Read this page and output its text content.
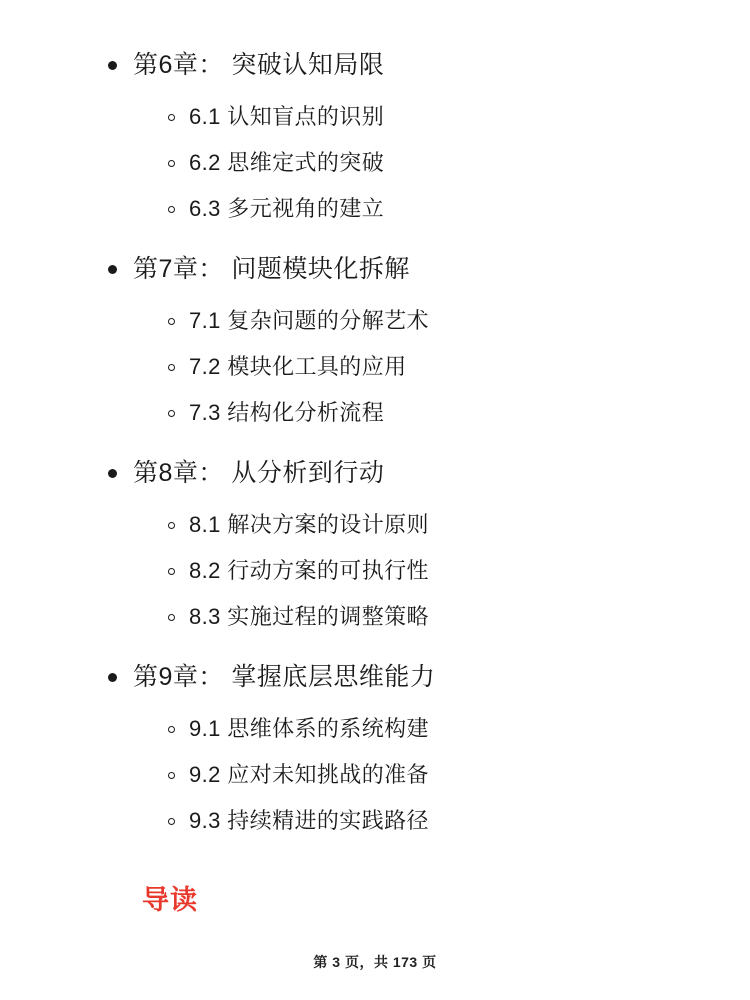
第6章： 突破认知局限
6.1 认知盲点的识别
6.2 思维定式的突破
6.3 多元视角的建立
第7章： 问题模块化拆解
7.1 复杂问题的分解艺术
7.2 模块化工具的应用
7.3 结构化分析流程
第8章： 从分析到行动
8.1 解决方案的设计原则
8.2 行动方案的可执行性
8.3 实施过程的调整策略
第9章： 掌握底层思维能力
9.1 思维体系的系统构建
9.2 应对未知挑战的准备
9.3 持续精进的实践路径
导读
第 3 页，共 173 页
